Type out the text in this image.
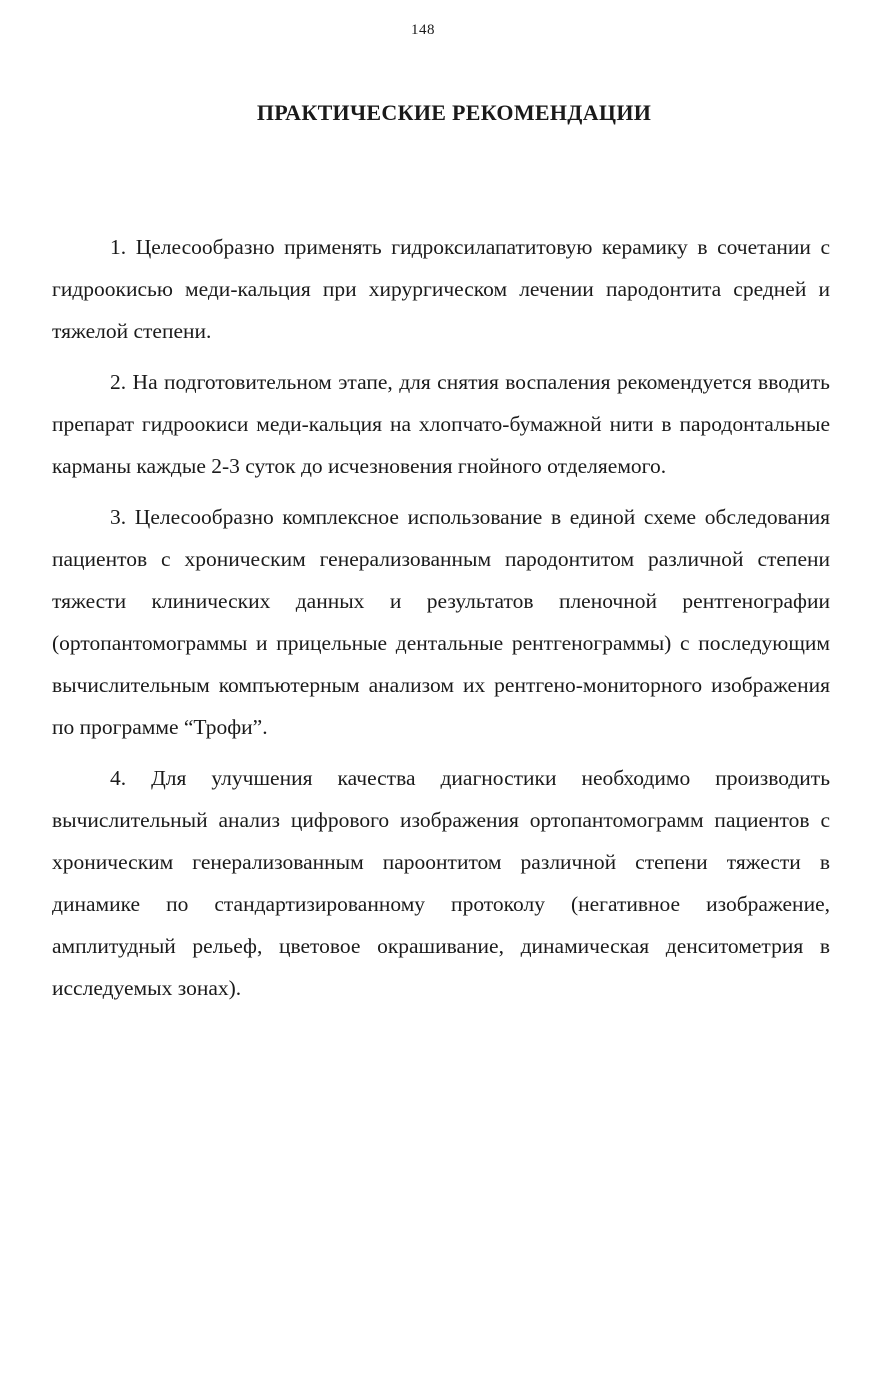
148
ПРАКТИЧЕСКИЕ РЕКОМЕНДАЦИИ

1. Целесообразно применять гидроксилапатитовую керамику в сочетании с гидроокисью меди-кальция при хирургическом лечении пародонтита средней и тяжелой степени.

2. На подготовительном этапе, для снятия воспаления рекомендуется вводить препарат гидроокиси меди-кальция на хлопчато-бумажной нити в пародонтальные карманы каждые 2-3 суток до исчезновения гнойного отделяемого.

3. Целесообразно комплексное использование в единой схеме обследования пациентов с хроническим генерализованным пародонтитом различной степени тяжести клинических данных и результатов пленочной рентгенографии (ортопантомограммы и прицельные дентальные рентгенограммы) с последующим вычислительным компъютерным анализом их рентгено-мониторного изображения по программе “Трофи”.

4. Для улучшения качества диагностики необходимо производить вычислительный анализ цифрового изображения ортопантомограмм пациентов с хроническим генерализованным пароонтитом различной степени тяжести в динамике по стандартизированному протоколу (негативное изображение, амплитудный рельеф, цветовое окрашивание, динамическая денситометрия в исследуемых зонах).
